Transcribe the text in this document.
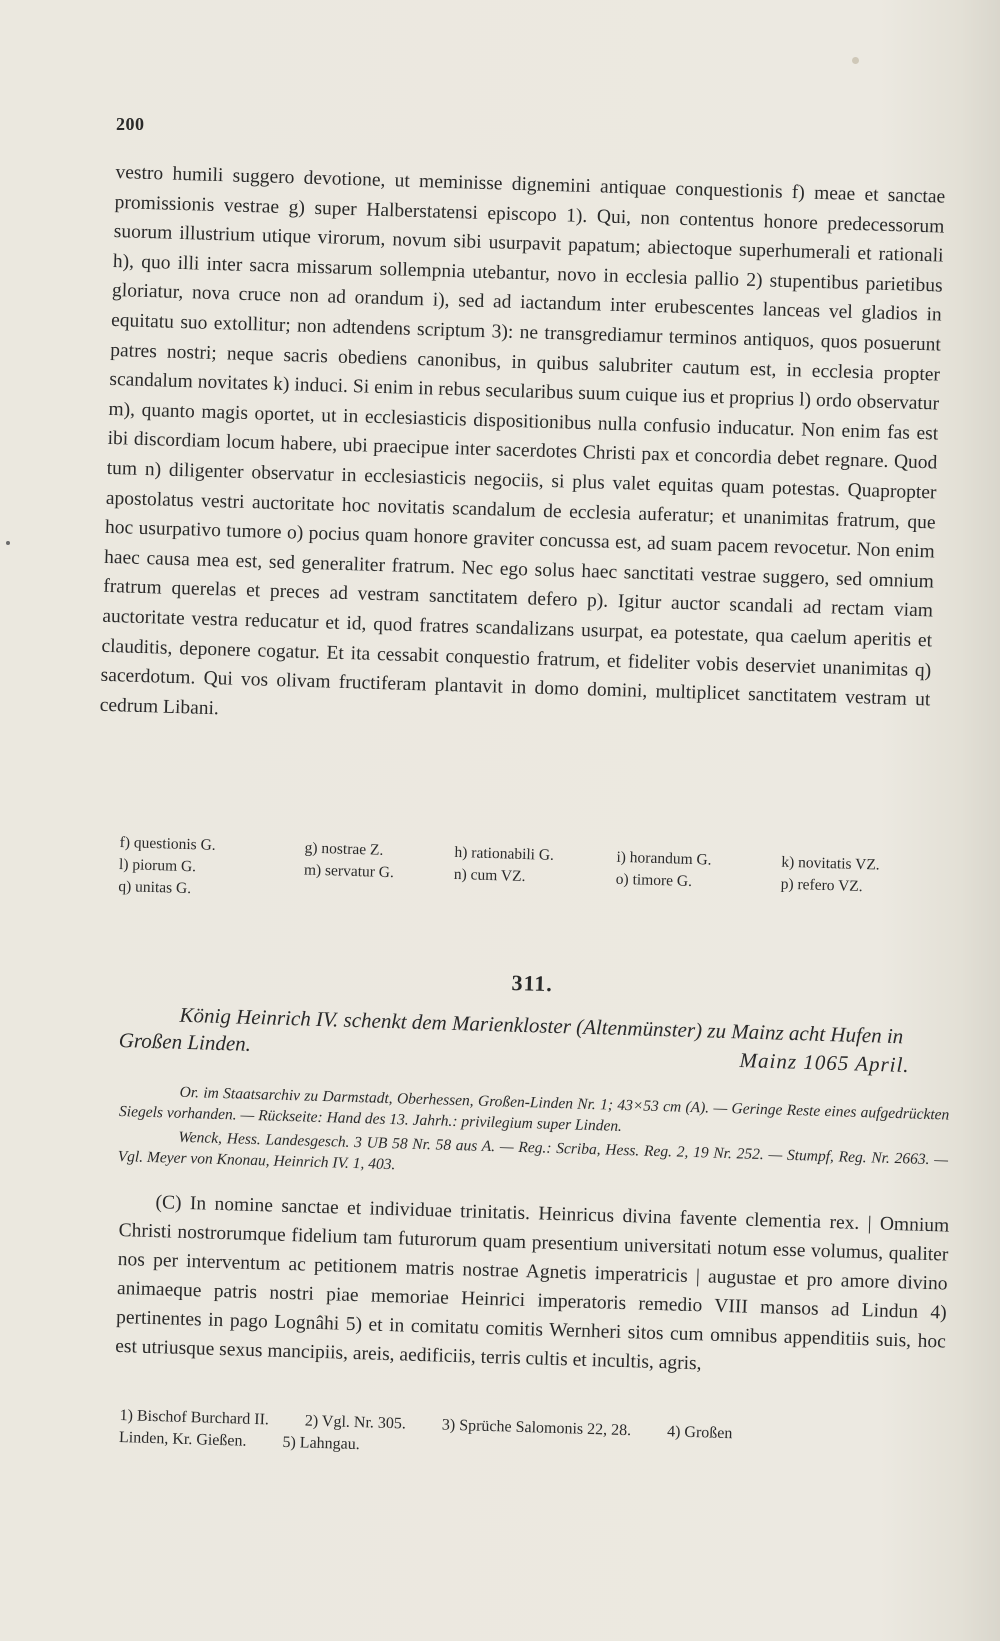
200

vestro humili suggero devotione, ut meminisse dignemini antiquae conquestionis f) meae et sanctae promissionis vestrae g) super Halberstatensi episcopo 1). Qui, non contentus honore predecessorum suorum illustrium utique virorum, novum sibi usurpavit papatum; abiectoque superhumerali et rationali h), quo illi inter sacra missarum sollempnia utebantur, novo in ecclesia pallio 2) stupentibus parietibus gloriatur, nova cruce non ad orandum i), sed ad iactandum inter erubescentes lanceas vel gladios in equitatu suo extollitur; non adtendens scriptum 3): ne transgrediamur terminos antiquos, quos posuerunt patres nostri; neque sacris obediens canonibus, in quibus salubriter cautum est, in ecclesia propter scandalum novitates k) induci. Si enim in rebus secularibus suum cuique ius et proprius l) ordo observatur m), quanto magis oportet, ut in ecclesiasticis dispositionibus nulla confusio inducatur. Non enim fas est ibi discordiam locum habere, ubi praecipue inter sacerdotes Christi pax et concordia debet regnare. Quod tum n) diligenter observatur in ecclesiasticis negociis, si plus valet equitas quam potestas. Quapropter apostolatus vestri auctoritate hoc novitatis scandalum de ecclesia auferatur; et unanimitas fratrum, que hoc usurpativo tumore o) pocius quam honore graviter concussa est, ad suam pacem revocetur. Non enim haec causa mea est, sed generaliter fratrum. Nec ego solus haec sanctitati vestrae suggero, sed omnium fratrum querelas et preces ad vestram sanctitatem defero p). Igitur auctor scandali ad rectam viam auctoritate vestra reducatur et id, quod fratres scandalizans usurpat, ea potestate, qua caelum aperitis et clauditis, deponere cogatur. Et ita cessabit conquestio fratrum, et fideliter vobis deserviet unanimitas q) sacerdotum. Qui vos olivam fructiferam plantavit in domo domini, multiplicet sanctitatem vestram ut cedrum Libani.

f) questionis G.	g) nostrae Z.	h) rationabili G.	i) horandum G.	k) novitatis VZ.
l) piorum G.	m) servatur G.	n) cum VZ.	o) timore G.	p) refero VZ.
q) unitas G.
311.
König Heinrich IV. schenkt dem Marienkloster (Altenmünster) zu Mainz acht Hufen in Großen Linden.
Mainz 1065 April.

Or. im Staatsarchiv zu Darmstadt, Oberhessen, Großen-Linden Nr. 1; 43×53 cm (A). — Geringe Reste eines aufgedrückten Siegels vorhanden. — Rückseite: Hand des 13. Jahrh.: privilegium super Linden.

Wenck, Hess. Landesgesch. 3 UB 58 Nr. 58 aus A. — Reg.: Scriba, Hess. Reg. 2, 19 Nr. 252. — Stumpf, Reg. Nr. 2663. — Vgl. Meyer von Knonau, Heinrich IV. 1, 403.

(C) In nomine sanctae et individuae trinitatis. Heinricus divina favente clementia rex. | Omnium Christi nostrorumque fidelium tam futurorum quam presentium universitati notum esse volumus, qualiter nos per interventum ac petitionem matris nostrae Agnetis imperatricis | augustae et pro amore divino animaeque patris nostri piae memoriae Heinrici imperatoris remedio VIII mansos ad Lindun 4) pertinentes in pago Lognâhi 5) et in comitatu comitis Wernheri sitos cum omnibus appenditiis suis, hoc est utriusque sexus mancipiis, areis, aedificiis, terris cultis et incultis, agris,
1) Bischof Burchard II. 2) Vgl. Nr. 305. 3) Sprüche Salomonis 22, 28. 4) Großen
Linden, Kr. Gießen. 5) Lahngau.
